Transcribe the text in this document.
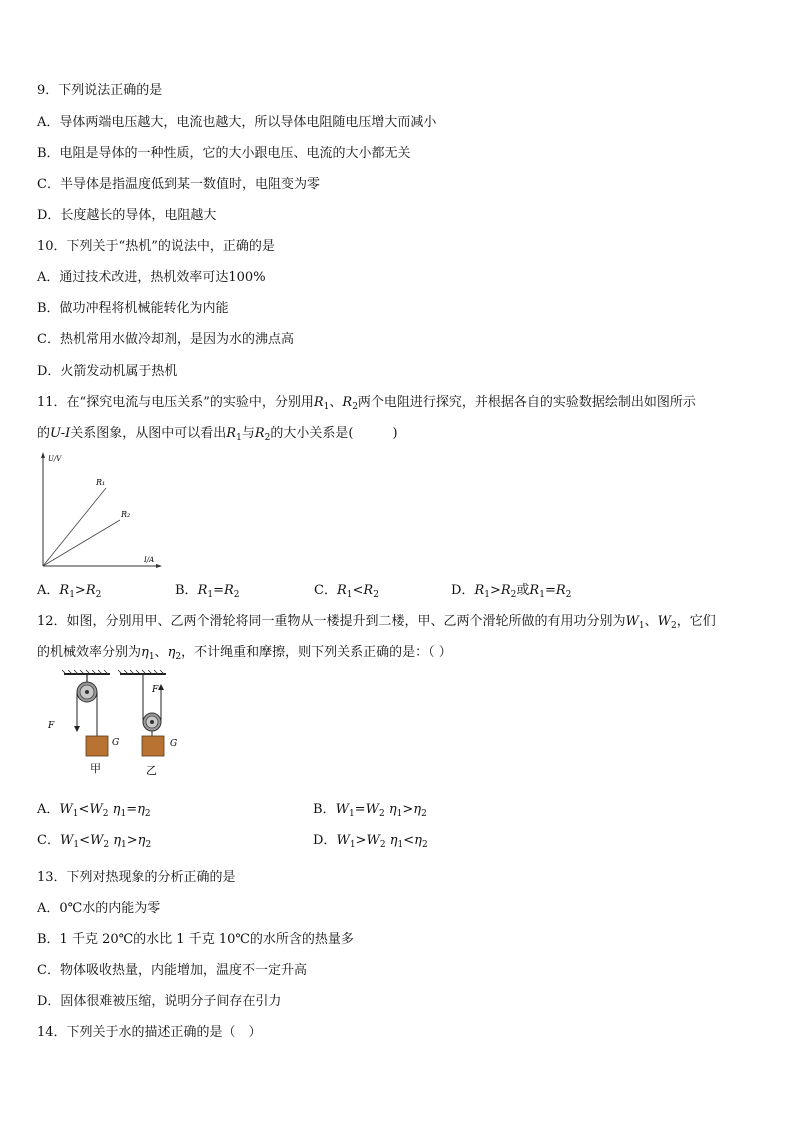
9．下列说法正确的是
A．导体两端电压越大，电流也越大，所以导体电阻随电压增大而减小
B．电阻是导体的一种性质，它的大小跟电压、电流的大小都无关
C．半导体是指温度低到某一数值时，电阻变为零
D．长度越长的导体，电阻越大
10．下列关于“热机”的说法中，正确的是
A．通过技术改进，热机效率可达100%
B．做功冲程将机械能转化为内能
C．热机常用水做冷却剂，是因为水的沸点高
D．火箭发动机属于热机
11．在“探究电流与电压关系”的实验中，分别用$R_1$、$R_2$两个电阻进行探究，并根据各自的实验数据绘制出如图所示
的U-I关系图象，从图中可以看出$R_1$与$R_2$的大小关系是(　　　)
U/V
I/A
R₁
R₂
A．$R_1>R_2$	B．$R_1=R_2$	C．$R_1<R_2$	D．$R_1>R_2$或$R_1=R_2$
12．如图，分别用甲、乙两个滑轮将同一重物从一楼提升到二楼，甲、乙两个滑轮所做的有用功分别为$W_1$、$W_2$，它们
的机械效率分别为$\eta_1$、$\eta_2$，不计绳重和摩擦，则下列关系正确的是：（ ）
F
G
甲
F
G
乙
A．$W_1<W_2$ $\eta_1=\eta_2$	B．$W_1=W_2$ $\eta_1>\eta_2$
C．$W_1<W_2$ $\eta_1>\eta_2$	D．$W_1>W_2$ $\eta_1<\eta_2$
13．下列对热现象的分析正确的是
A．0℃水的内能为零
B．1 千克 20℃的水比 1 千克 10℃的水所含的热量多
C．物体吸收热量，内能增加，温度不一定升高
D．固体很难被压缩，说明分子间存在引力
14．下列关于水的描述正确的是（　）
